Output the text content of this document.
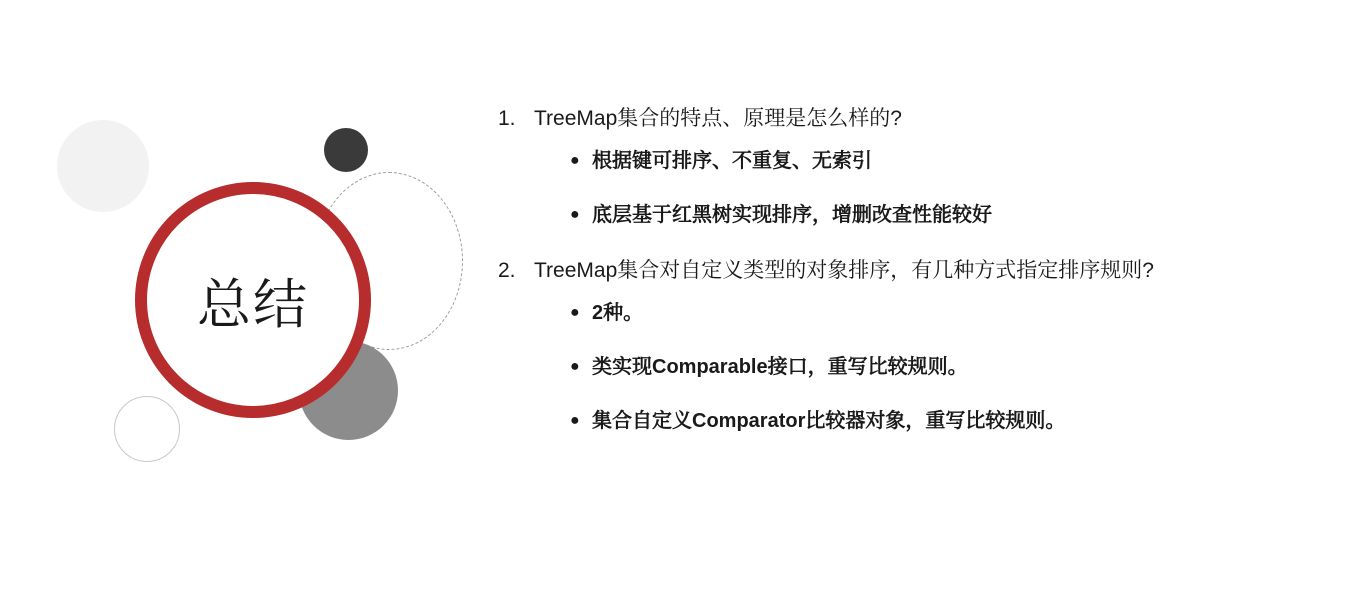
总结
1. TreeMap集合的特点、原理是怎么样的?
● 根据键可排序、不重复、无索引
● 底层基于红黑树实现排序，增删改查性能较好
2. TreeMap集合对自定义类型的对象排序，有几种方式指定排序规则?
● 2种。
● 类实现Comparable接口，重写比较规则。
● 集合自定义Comparator比较器对象，重写比较规则。
